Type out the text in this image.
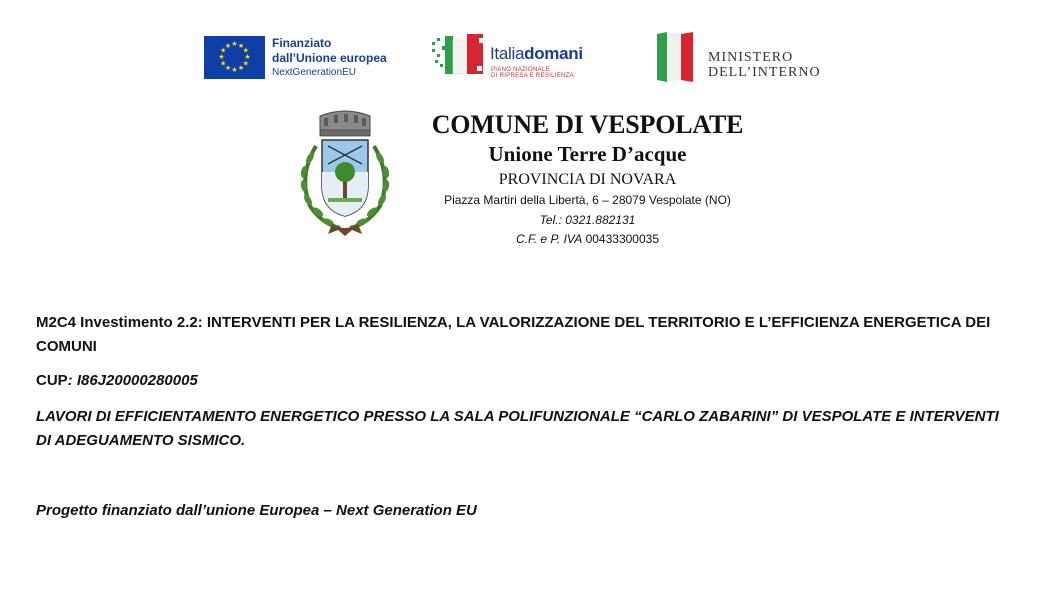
★ ★
★
★
★
★
★
★
★
★
★
★	Finanziato
dall’Unione europea
NextGenerationEU
Italiadomani
PIANO NAZIONALE
DI RIPRESA E RESILIENZA
MINISTERO
DELL’INTERNO
COMUNE DI VESPOLATE
Unione Terre D’acque
PROVINCIA DI NOVARA
Piazza Martiri della Libertà, 6 – 28079 Vespolate (NO)
Tel.: 0321.882131
C.F. e P. IVA 00433300035
M2C4 Investimento 2.2: INTERVENTI PER LA RESILIENZA, LA VALORIZZAZIONE DEL TERRITORIO E L’EFFICIENZA ENERGETICA DEI COMUNI
CUP: I86J20000280005
LAVORI DI EFFICIENTAMENTO ENERGETICO PRESSO LA SALA POLIFUNZIONALE “CARLO ZABARINI” DI VESPOLATE E INTERVENTI DI ADEGUAMENTO SISMICO.
Progetto finanziato dall’unione Europea – Next Generation EU
